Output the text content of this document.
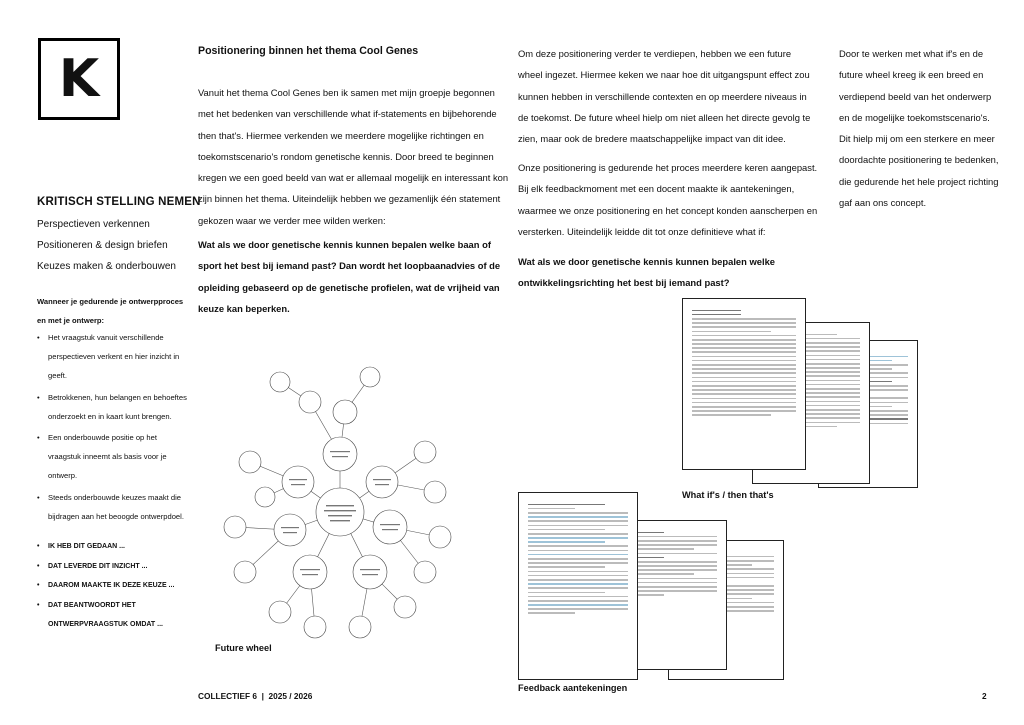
K
KRITISCH STELLING NEMEN
Perspectieven verkennen
Positioneren & design briefen
Keuzes maken & onderbouwen
Wanneer je gedurende je ontwerpproces en met je ontwerp:
• Het vraagstuk vanuit verschillende perspectieven verkent en hier inzicht in geeft.
• Betrokkenen, hun belangen en behoeftes onderzoekt en in kaart kunt brengen.
• Een onderbouwde positie op het vraagstuk inneemt als basis voor je ontwerp.
• Steeds onderbouwde keuzes maakt die bijdragen aan het beoogde ontwerpdoel.
• IK HEB DIT GEDAAN ...
• DAT LEVERDE DIT INZICHT ...
• DAAROM MAAKTE IK DEZE KEUZE ...
• DAT BEANTWOORDT HET ONTWERPVRAAGSTUK OMDAT ...
Positionering binnen het thema Cool Genes

Vanuit het thema Cool Genes ben ik samen met mijn groepje begonnen met het bedenken van verschillende what if-statements en bijbehorende then that's. Hiermee verkenden we meerdere mogelijke richtingen en toekomstscenario's rondom genetische kennis. Door breed te beginnen kregen we een goed beeld van wat er allemaal mogelijk en interessant kon zijn binnen het thema. Uiteindelijk hebben we gezamenlijk één statement gekozen waar we verder mee wilden werken:

Wat als we door genetische kennis kunnen bepalen welke baan of sport het best bij iemand past? Dan wordt het loopbaanadvies of de opleiding gebaseerd op de genetische profielen, wat de vrijheid van keuze kan beperken.

Om deze positionering verder te verdiepen, hebben we een future wheel ingezet. Hiermee keken we naar hoe dit uitgangspunt effect zou kunnen hebben in verschillende contexten en op meerdere niveaus in de toekomst. De future wheel hielp om niet alleen het directe gevolg te zien, maar ook de bredere maatschappelijke impact van dit idee.

Onze positionering is gedurende het proces meerdere keren aangepast. Bij elk feedbackmoment met een docent maakte ik aantekeningen, waarmee we onze positionering en het concept konden aanscherpen en versterken. Uiteindelijk leidde dit tot onze definitieve what if:

Wat als we door genetische kennis kunnen bepalen welke ontwikkelingsrichting het best bij iemand past?

Door te werken met what if's en de future wheel kreeg ik een breed en verdiepend beeld van het onderwerp en de mogelijke toekomstscenario's. Dit hielp mij om een sterkere en meer doordachte positionering te bedenken, die gedurende het hele project richting gaf aan ons concept.

Future wheel
What if's / then that's
Feedback aantekeningen
COLLECTIEF 6  |  2025 / 2026	2
